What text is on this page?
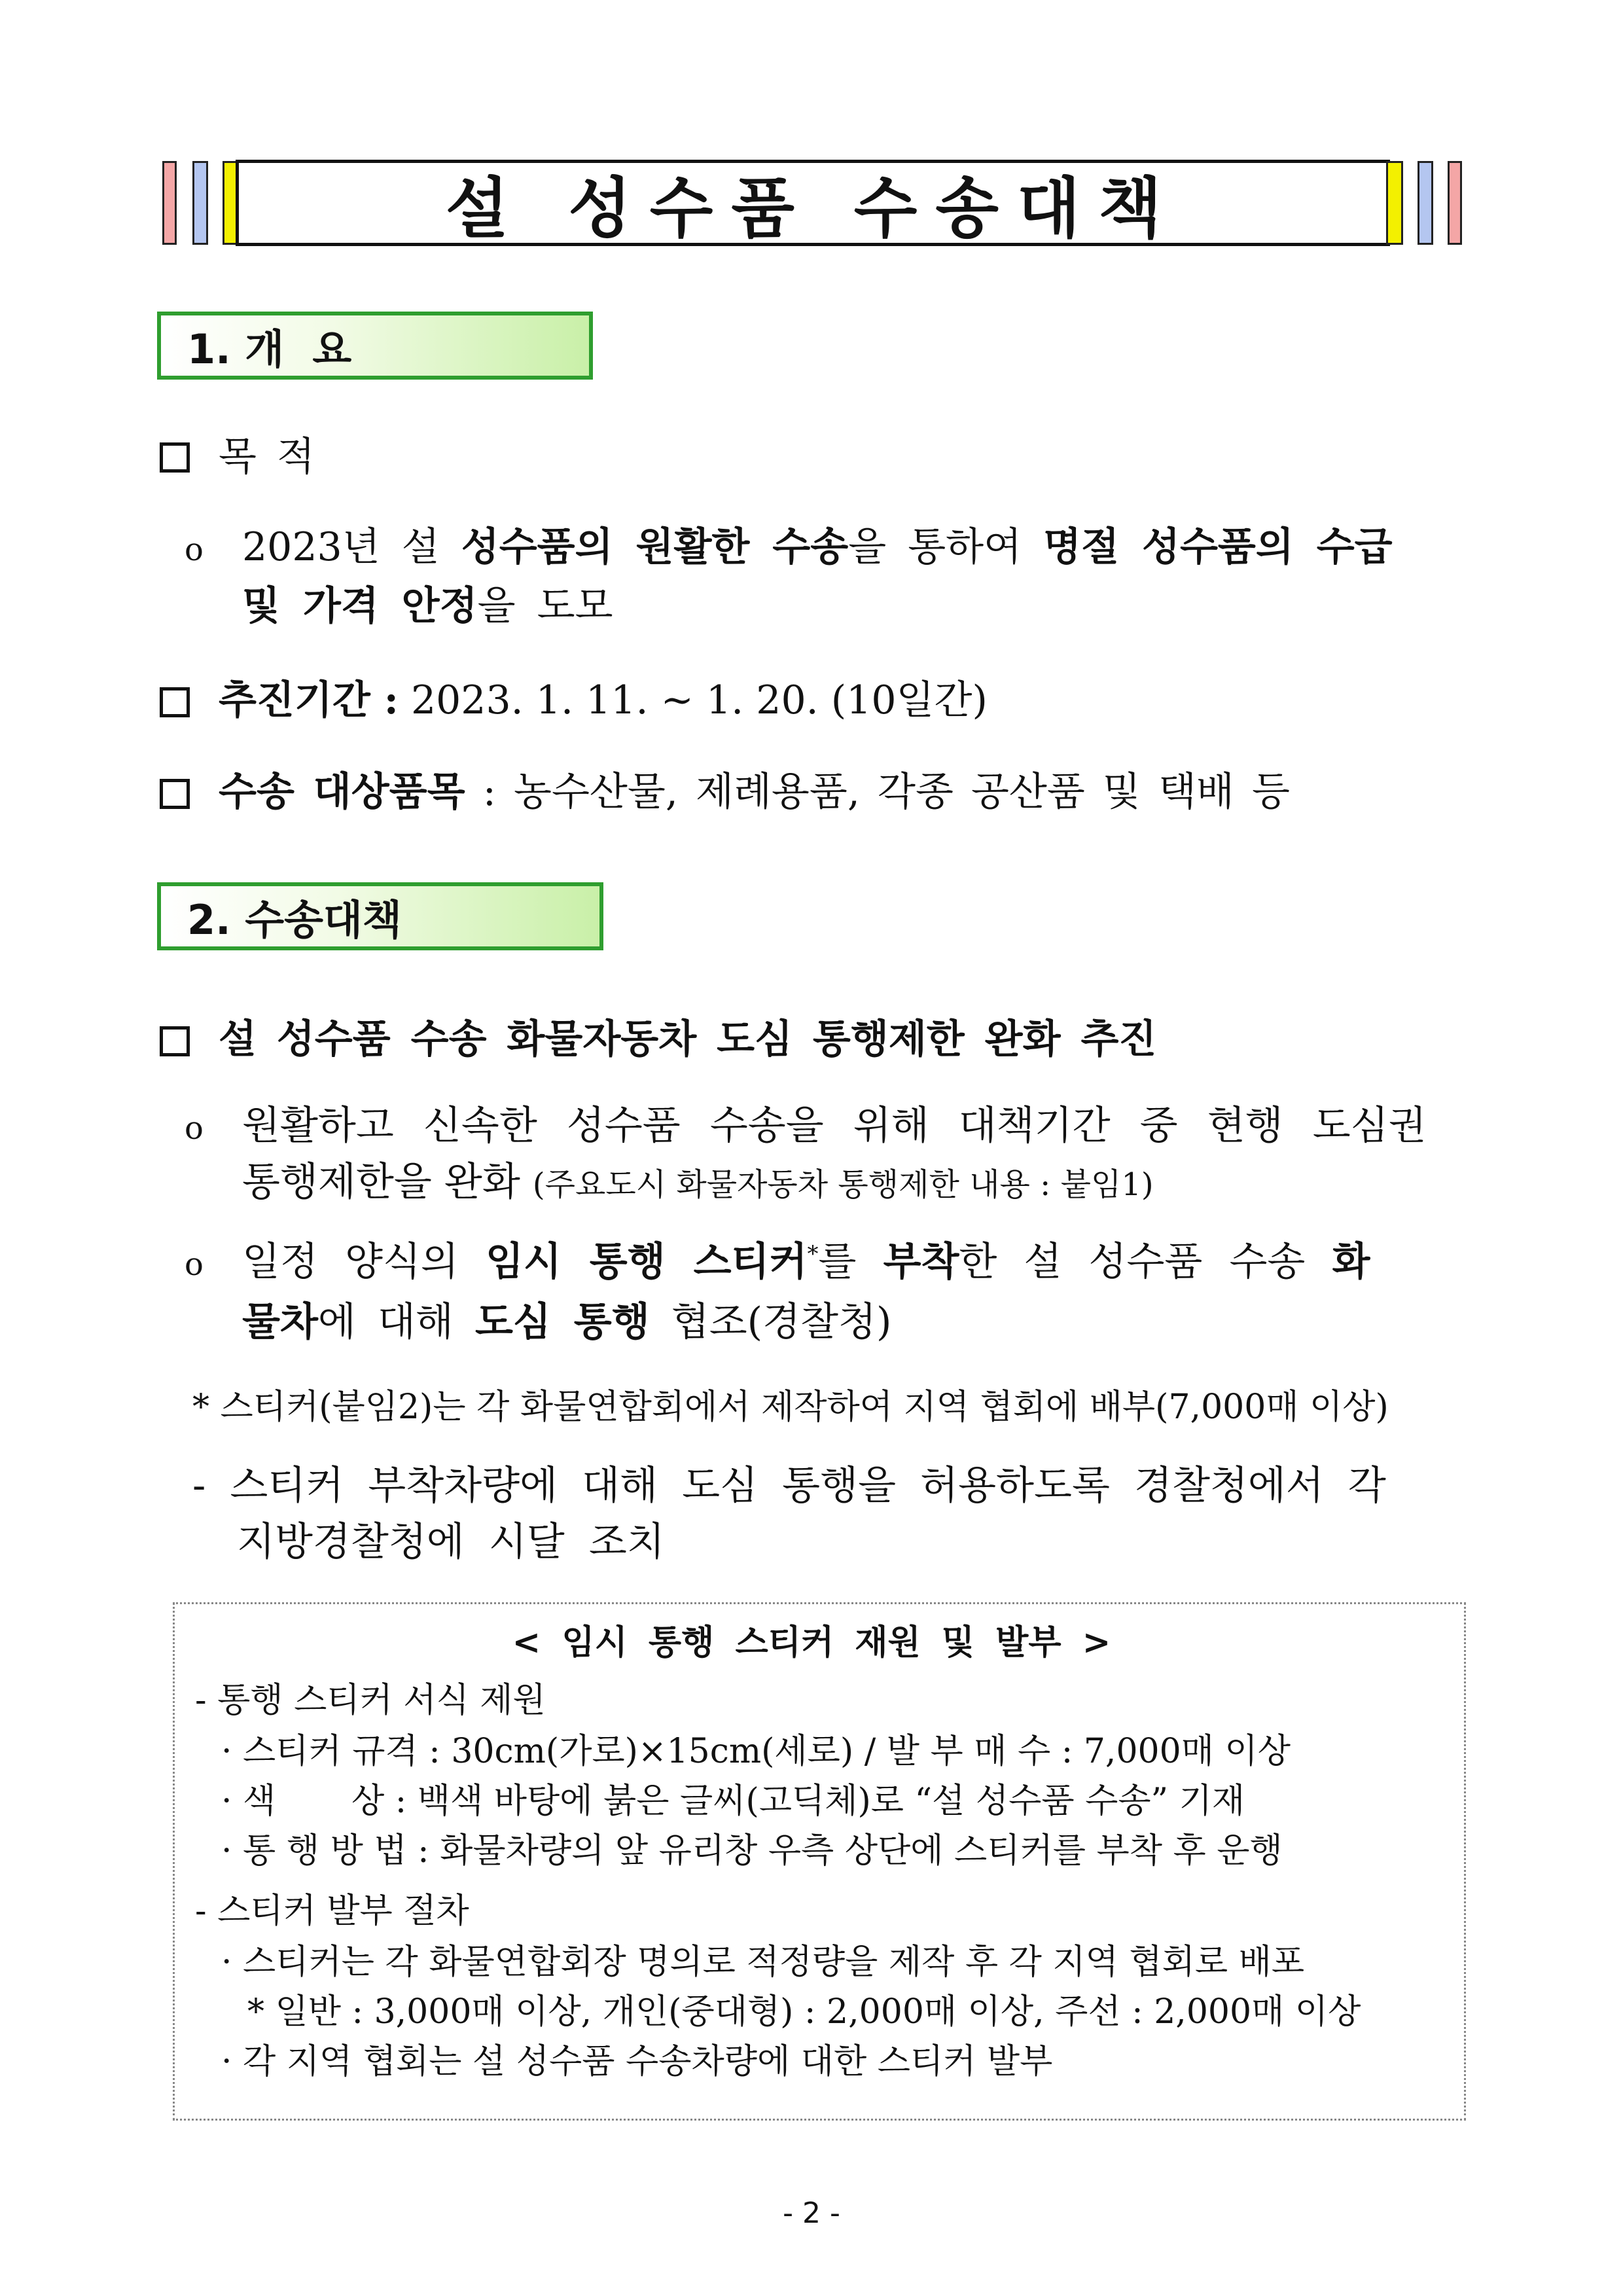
설 성수품 수송대책
1. 개  요
목 적
o 2023년 설 성수품의 원활한 수송을 통하여 명절 성수품의 수급
및 가격 안정을 도모
추진기간 : 2023. 1. 11. ~ 1. 20. (10일간)
수송 대상품목 : 농수산물, 제례용품, 각종 공산품 및 택배 등
2. 수송대책
설 성수품 수송 화물자동차 도심 통행제한 완화 추진
o 원활하고 신속한 성수품 수송을 위해 대책기간 중 현행 도심권
통행제한을 완화 (주요도시 화물자동차 통행제한 내용 : 붙임1)
o 일정 양식의 임시 통행 스티커*를 부착한 설 성수품 수송 화
물차에 대해 도심 통행 협조(경찰청)
* 스티커(붙임2)는 각 화물연합회에서 제작하여 지역 협회에 배부(7,000매 이상)
- 스티커 부착차량에 대해 도심 통행을 허용하도록 경찰청에서 각
지방경찰청에 시달 조치
< 임시 통행 스티커 재원 및 발부 >
- 통행 스티커 서식 제원
· 스티커 규격 : 30cm(가로)×15cm(세로) / 발 부 매 수 : 7,000매 이상
· 색       상 : 백색 바탕에 붉은 글씨(고딕체)로 “설 성수품 수송” 기재
· 통 행 방 법 : 화물차량의 앞 유리창 우측 상단에 스티커를 부착 후 운행
- 스티커 발부 절차
· 스티커는 각 화물연합회장 명의로 적정량을 제작 후 각 지역 협회로 배포
* 일반 : 3,000매 이상, 개인(중대형) : 2,000매 이상, 주선 : 2,000매 이상
· 각 지역 협회는 설 성수품 수송차량에 대한 스티커 발부
- 2 -
